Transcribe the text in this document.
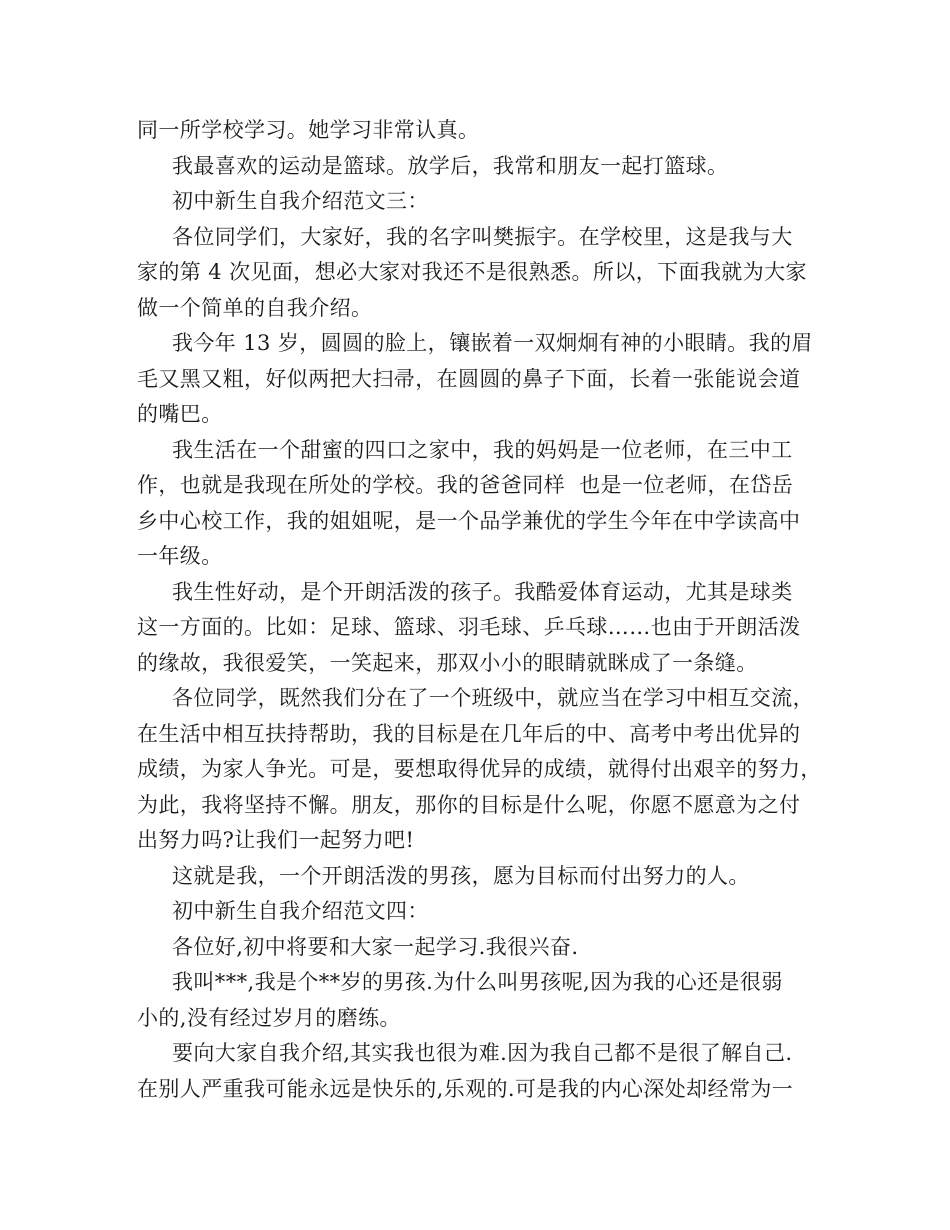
同一所学校学习。她学习非常认真。
我最喜欢的运动是篮球。放学后，我常和朋友一起打篮球。
初中新生自我介绍范文三：
各位同学们，大家好，我的名字叫樊振宇。在学校里，这是我与大
家的第 4 次见面，想必大家对我还不是很熟悉。所以，下面我就为大家
做一个简单的自我介绍。
我今年 13 岁，圆圆的脸上，镶嵌着一双炯炯有神的小眼睛。我的眉
毛又黑又粗，好似两把大扫帚，在圆圆的鼻子下面，长着一张能说会道
的嘴巴。
我生活在一个甜蜜的四口之家中，我的妈妈是一位老师，在三中工
作，也就是我现在所处的学校。我的爸爸同样  也是一位老师，在岱岳
乡中心校工作，我的姐姐呢，是一个品学兼优的学生今年在中学读高中
一年级。
我生性好动，是个开朗活泼的孩子。我酷爱体育运动，尤其是球类
这一方面的。比如：足球、篮球、羽毛球、乒乓球……也由于开朗活泼
的缘故，我很爱笑，一笑起来，那双小小的眼睛就眯成了一条缝。
各位同学，既然我们分在了一个班级中，就应当在学习中相互交流，
在生活中相互扶持帮助，我的目标是在几年后的中、高考中考出优异的
成绩，为家人争光。可是，要想取得优异的成绩，就得付出艰辛的努力，
为此，我将坚持不懈。朋友，那你的目标是什么呢，你愿不愿意为之付
出努力吗?让我们一起努力吧!
这就是我，一个开朗活泼的男孩，愿为目标而付出努力的人。
初中新生自我介绍范文四：
各位好,初中将要和大家一起学习.我很兴奋.
我叫***,我是个**岁的男孩.为什么叫男孩呢,因为我的心还是很弱
小的,没有经过岁月的磨练。
要向大家自我介绍,其实我也很为难.因为我自己都不是很了解自己.
在别人严重我可能永远是快乐的,乐观的.可是我的内心深处却经常为一
